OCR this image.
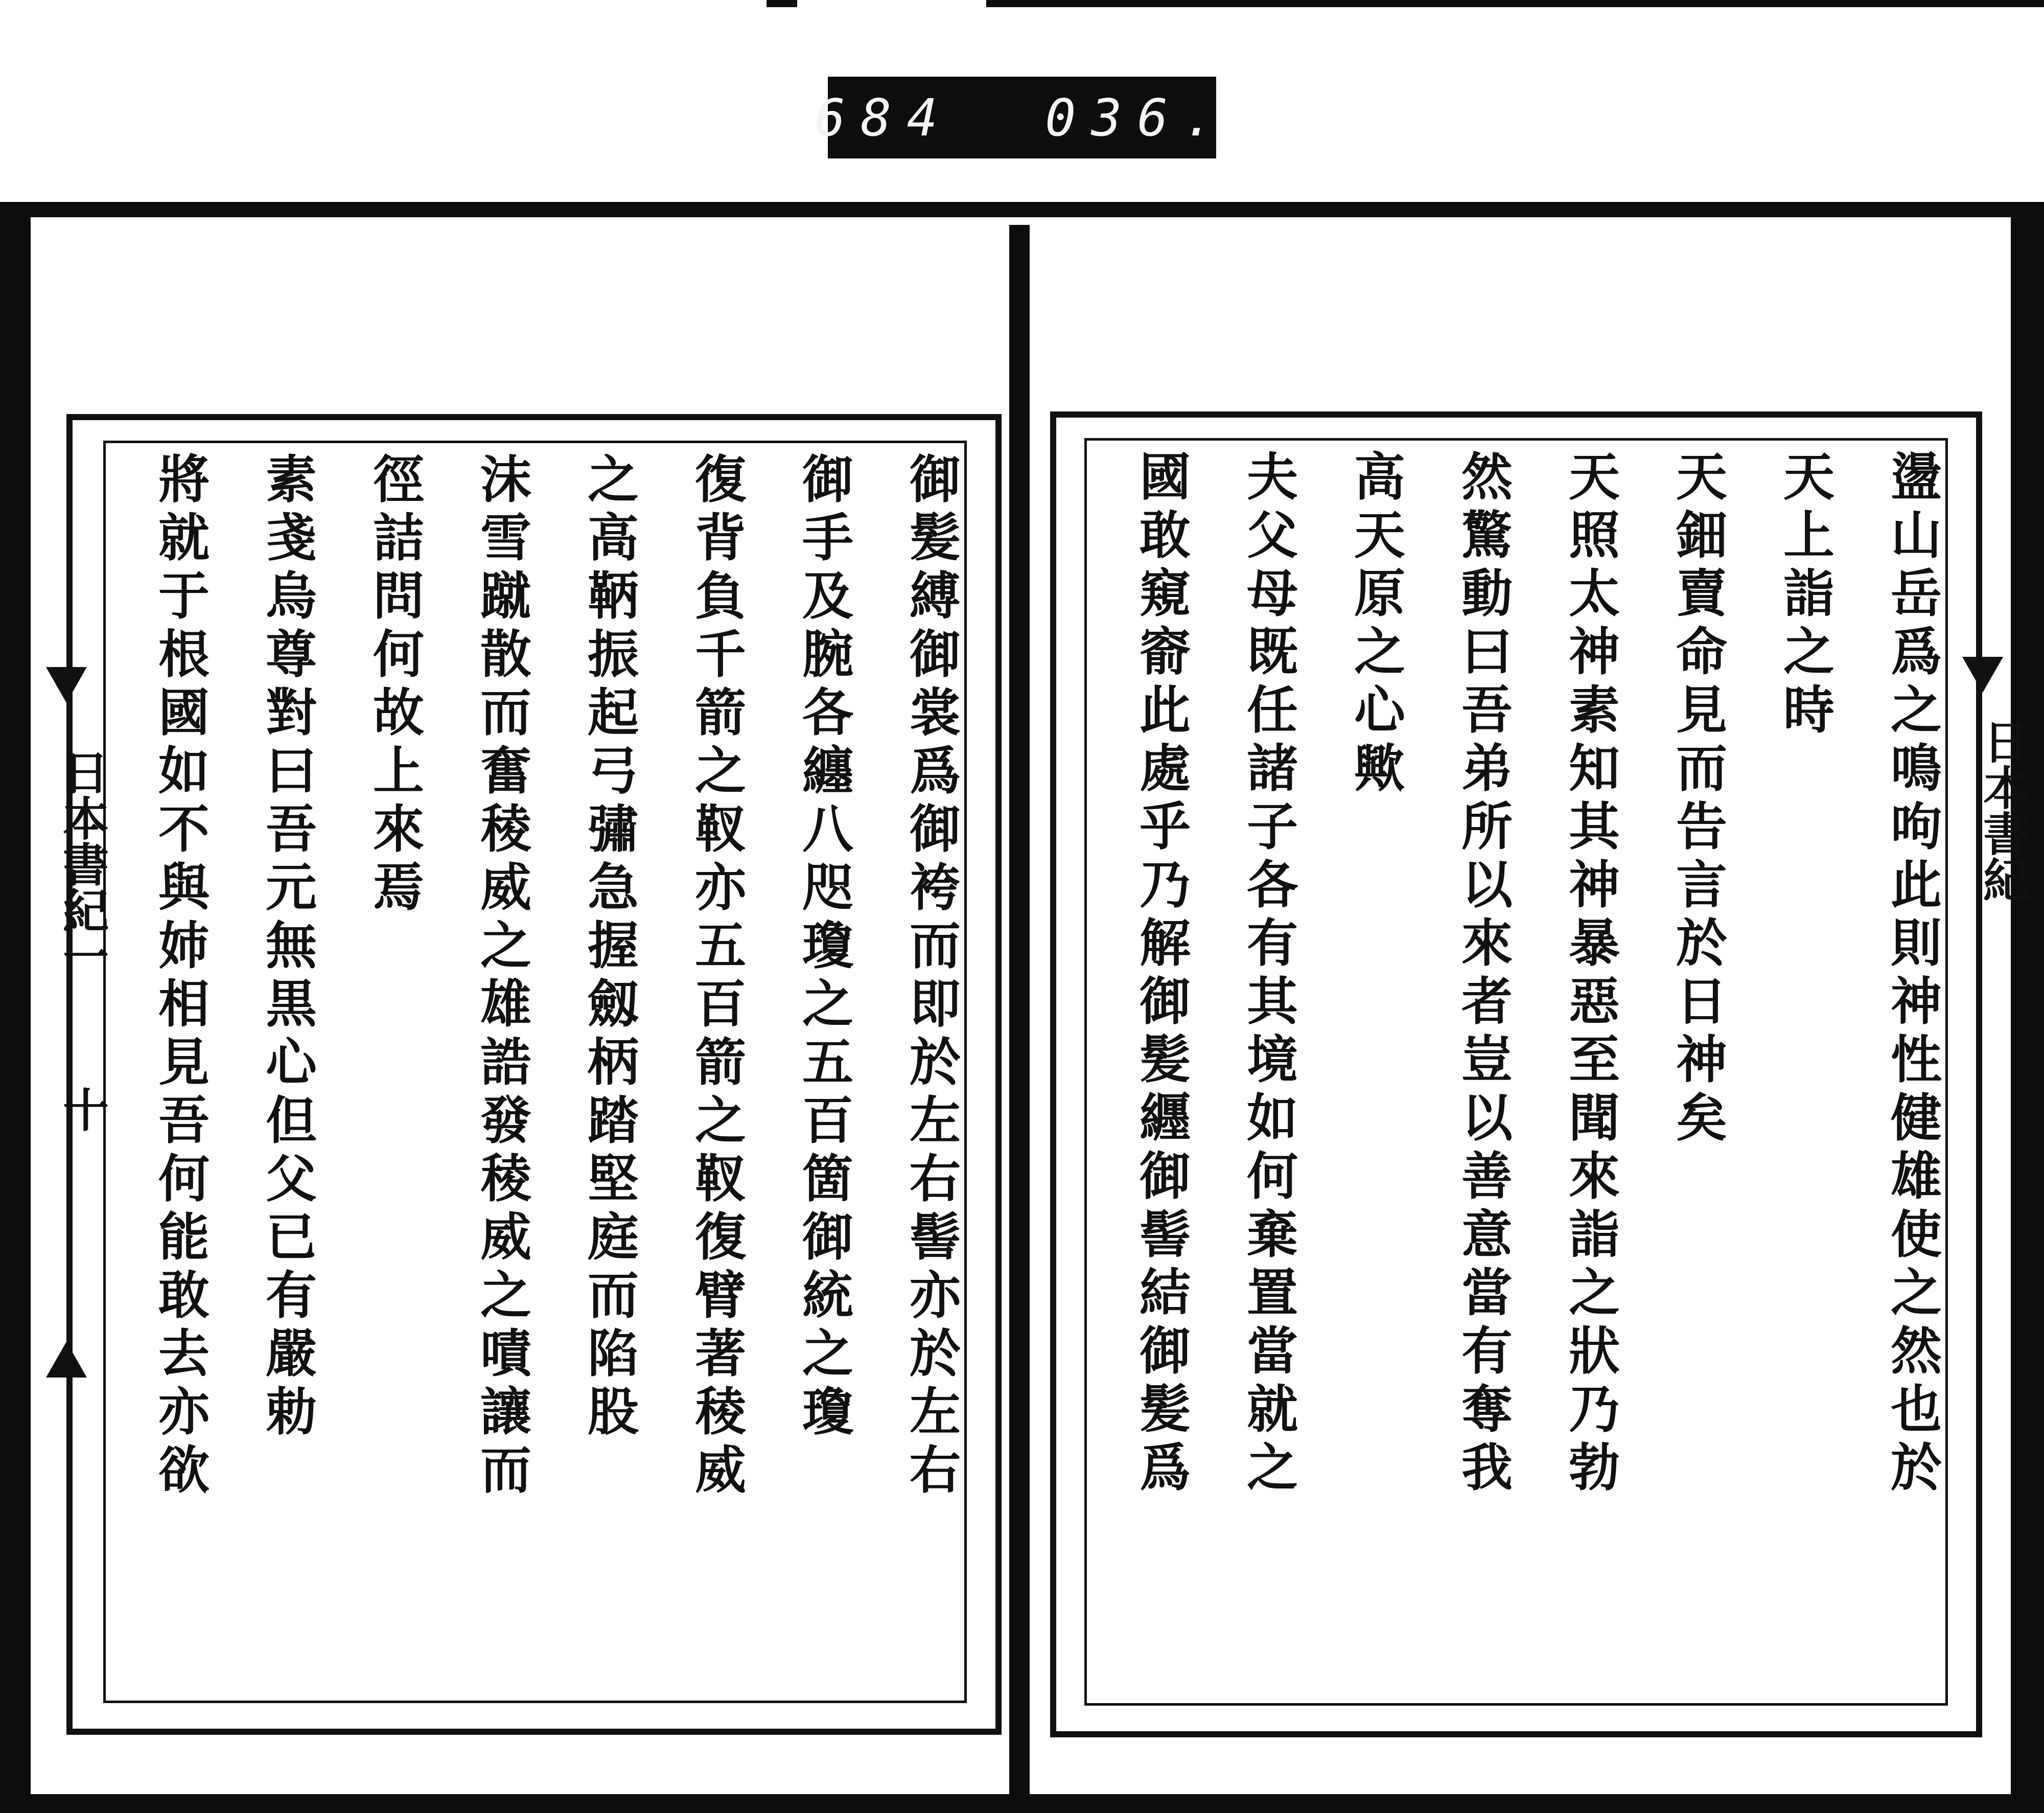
684  036.
御髪縛御裳爲御袴而即於左右髻亦於左右
御手及腕各纏八咫瓊之五百箇御統之瓊
復背負千箭之靫亦五百箭之靫復臂著稜威
之高鞆振起弓彇急握劔柄踏堅庭而陷股
沫雪蹴散而奮稜威之雄誥發稜威之嘖讓而
徑詰問何故上來焉
素戔烏尊對曰吾元無黒心但父已有嚴勅
將就于根國如不與姉相見吾何能敢去亦欲
日本書紀一
十	盪山岳爲之鳴呴此則神性健雄使之然也於
天上詣之時
天鈿賣命見而告言於日神矣
天照太神素知其神暴惡至聞來詣之狀乃勃
然驚動曰吾弟所以來者豈以善意當有奪我
高天原之心歟
夫父母既任諸子各有其境如何棄置當就之
國敢窺窬此處乎乃解御髪纒御髻結御髪爲	日本書紀
